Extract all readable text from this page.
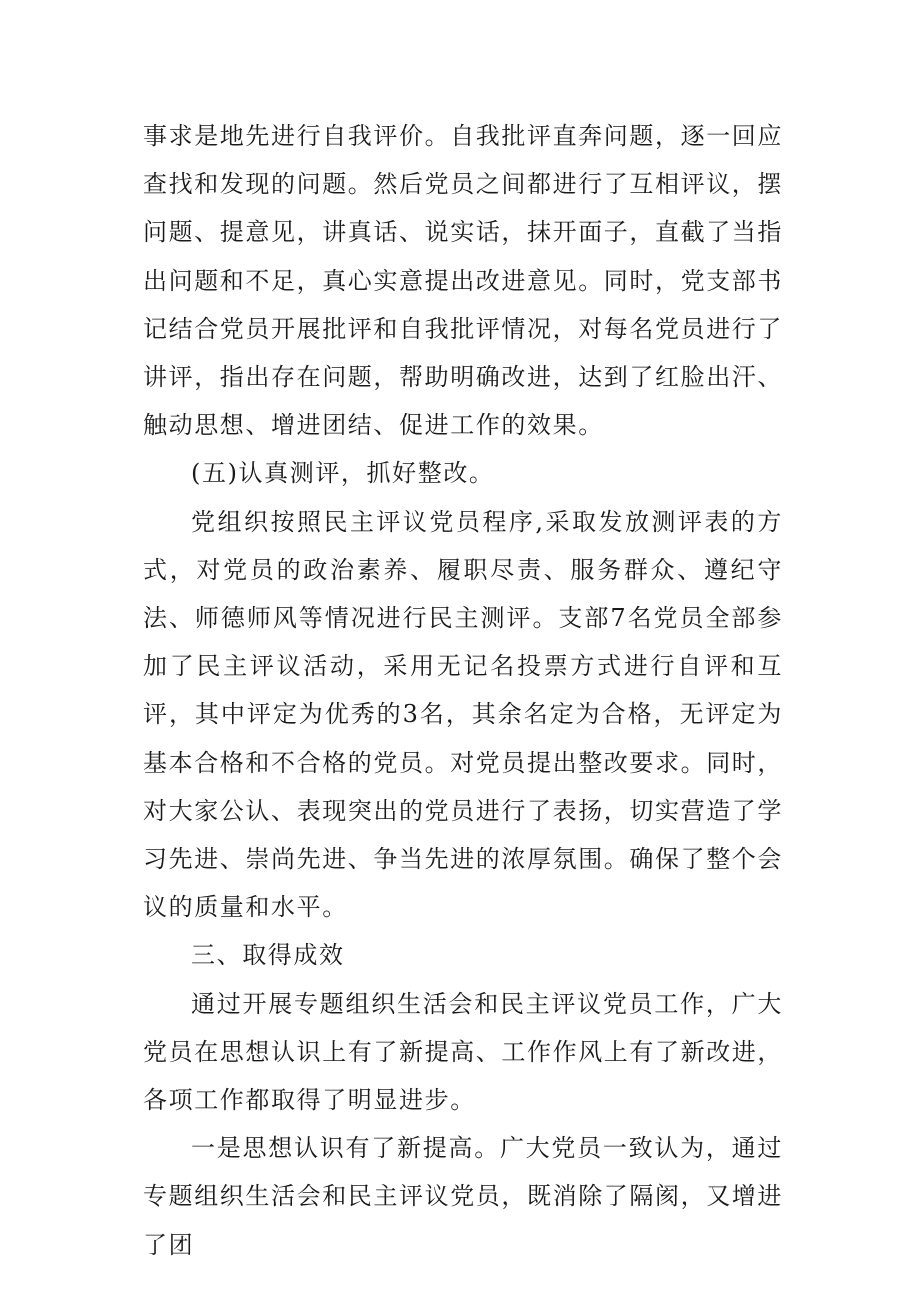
事求是地先进行自我评价。自我批评直奔问题，逐一回应查找和发现的问题。然后党员之间都进行了互相评议，摆问题、提意见，讲真话、说实话，抹开面子，直截了当指出问题和不足，真心实意提出改进意见。同时，党支部书记结合党员开展批评和自我批评情况，对每名党员进行了讲评，指出存在问题，帮助明确改进，达到了红脸出汗、触动思想、增进团结、促进工作的效果。

(五)认真测评，抓好整改。

党组织按照民主评议党员程序,采取发放测评表的方式，对党员的政治素养、履职尽责、服务群众、遵纪守法、师德师风等情况进行民主测评。支部7名党员全部参加了民主评议活动，采用无记名投票方式进行自评和互评，其中评定为优秀的3名，其余名定为合格，无评定为基本合格和不合格的党员。对党员提出整改要求。同时，对大家公认、表现突出的党员进行了表扬，切实营造了学习先进、崇尚先进、争当先进的浓厚氛围。确保了整个会议的质量和水平。

三、取得成效

通过开展专题组织生活会和民主评议党员工作，广大党员在思想认识上有了新提高、工作作风上有了新改进，各项工作都取得了明显进步。

一是思想认识有了新提高。广大党员一致认为，通过专题组织生活会和民主评议党员，既消除了隔阂，又增进了团
